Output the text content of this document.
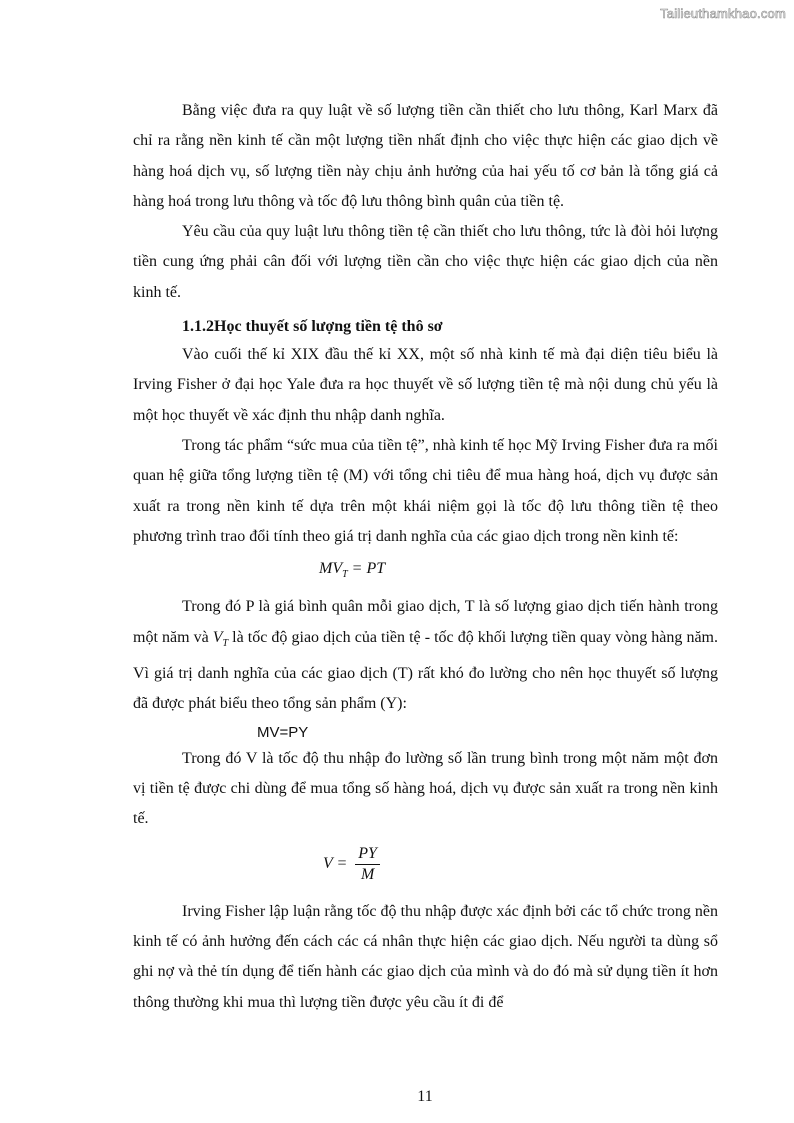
Tailieuthamkhao.com

Bằng việc đưa ra quy luật về số lượng tiền cần thiết cho lưu thông, Karl Marx đã chỉ ra rằng nền kinh tế cần một lượng tiền nhất định cho việc thực hiện các giao dịch về hàng hoá dịch vụ, số lượng tiền này chịu ảnh hưởng của hai yếu tố cơ bản là tổng giá cả hàng hoá trong lưu thông và tốc độ lưu thông bình quân của tiền tệ.

Yêu cầu của quy luật lưu thông tiền tệ cần thiết cho lưu thông, tức là đòi hỏi lượng tiền cung ứng phải cân đối với lượng tiền cần cho việc thực hiện các giao dịch của nền kinh tế.

1.1.2Học thuyết số lượng tiền tệ thô sơ

Vào cuối thế kỉ XIX đầu thế kỉ XX, một số nhà kinh tế mà đại diện tiêu biểu là Irving Fisher ở đại học Yale đưa ra học thuyết về số lượng tiền tệ mà nội dung chủ yếu là một học thuyết về xác định thu nhập danh nghĩa.

Trong tác phẩm “sức mua của tiền tệ”, nhà kinh tế học Mỹ Irving Fisher đưa ra mối quan hệ giữa tổng lượng tiền tệ (M) với tổng chi tiêu để mua hàng hoá, dịch vụ được sản xuất ra trong nền kinh tế dựa trên một khái niệm gọi là tốc độ lưu thông tiền tệ theo phương trình trao đổi tính theo giá trị danh nghĩa của các giao dịch trong nền kinh tế:

$MV_T$ = PT

Trong đó P là giá bình quân mỗi giao dịch, T là số lượng giao dịch tiến hành trong một năm và $V_T$ là tốc độ giao dịch của tiền tệ - tốc độ khối lượng tiền quay vòng hàng năm. Vì giá trị danh nghĩa của các giao dịch (T) rất khó đo lường cho nên học thuyết số lượng đã được phát biểu theo tổng sản phẩm (Y):

MV=PY

Trong đó V là tốc độ thu nhập đo lường số lần trung bình trong một năm một đơn vị tiền tệ được chi dùng để mua tổng số hàng hoá, dịch vụ được sản xuất ra trong nền kinh tế.

$V = \frac{PY}{M}$

Irving Fisher lập luận rằng tốc độ thu nhập được xác định bởi các tổ chức trong nền kinh tế có ảnh hưởng đến cách các cá nhân thực hiện các giao dịch. Nếu người ta dùng sổ ghi nợ và thẻ tín dụng để tiến hành các giao dịch của mình và do đó mà sử dụng tiền ít hơn thông thường khi mua thì lượng tiền được yêu cầu ít đi để

11
